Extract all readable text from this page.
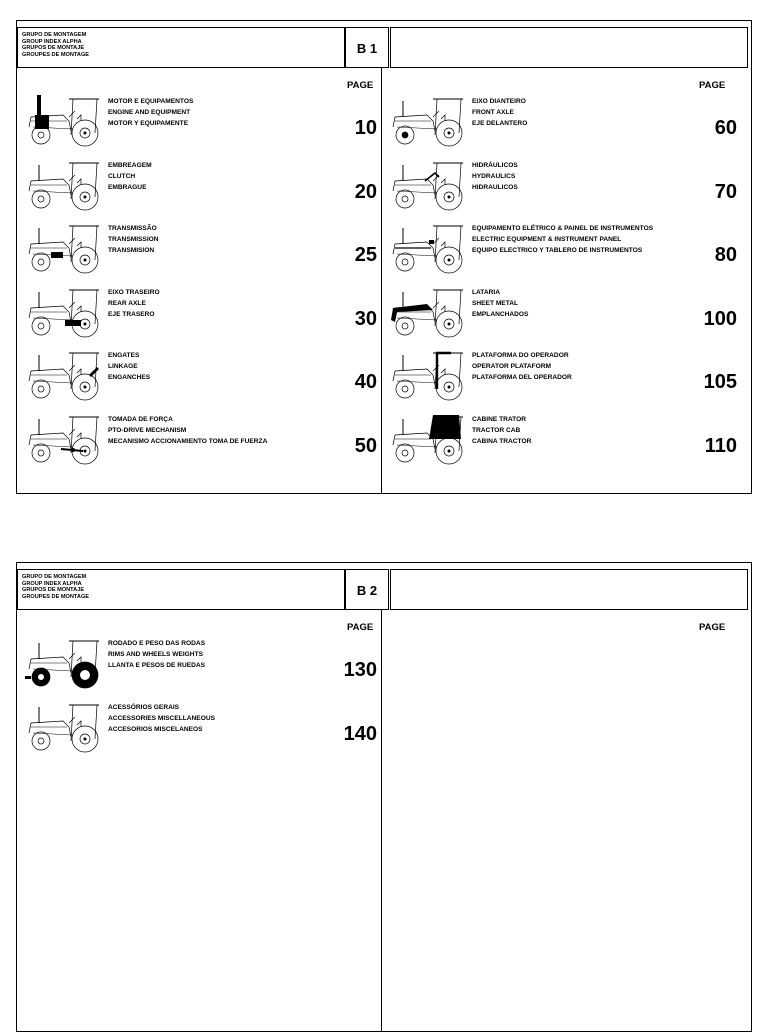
GRUPO DE MONTAGEM
GROUP INDEX ALPHA
GRUPOS DE MONTAJE
GROUPES DE MONTAGE	B 1
PAGE	PAGE
MOTOR E EQUIPAMENTOS
ENGINE AND EQUIPMENT
MOTOR Y EQUIPAMENTE	10
EMBREAGEM
CLUTCH
EMBRAGUE	20
TRANSMISSÃO
TRANSMISSION
TRANSMISION	25
EIXO TRASEIRO
REAR AXLE
EJE TRASERO	30
ENGATES
LINKAGE
ENGANCHES	40
TOMADA DE FORÇA
PTO-DRIVE MECHANISM
MECANISMO ACCIONAMIENTO TOMA DE FUERZA	50
EIXO DIANTEIRO
FRONT AXLE
EJE DELANTERO	60
HIDRÁULICOS
HYDRAULICS
HIDRAULICOS	70
EQUIPAMENTO ELÉTRICO & PAINEL DE INSTRUMENTOS
ELECTRIC EQUIPMENT & INSTRUMENT PANEL
EQUIPO ELECTRICO Y TABLERO DE INSTRUMENTOS	80
LATARIA
SHEET METAL
EMPLANCHADOS	100
PLATAFORMA DO OPERADOR
OPERATOR PLATAFORM
PLATAFORMA DEL OPERADOR	105
CABINE TRATOR
TRACTOR CAB
CABINA TRACTOR	110
GRUPO DE MONTAGEM
GROUP INDEX ALPHA
GRUPOS DE MONTAJE
GROUPES DE MONTAGE	B 2
PAGE	PAGE
RODADO E PESO DAS RODAS
RIMS AND WHEELS WEIGHTS
LLANTA E PESOS DE RUEDAS	130
ACESSÓRIOS GERAIS
ACCESSORIES MISCELLANEOUS
ACCESORIOS MISCELANEOS	140
